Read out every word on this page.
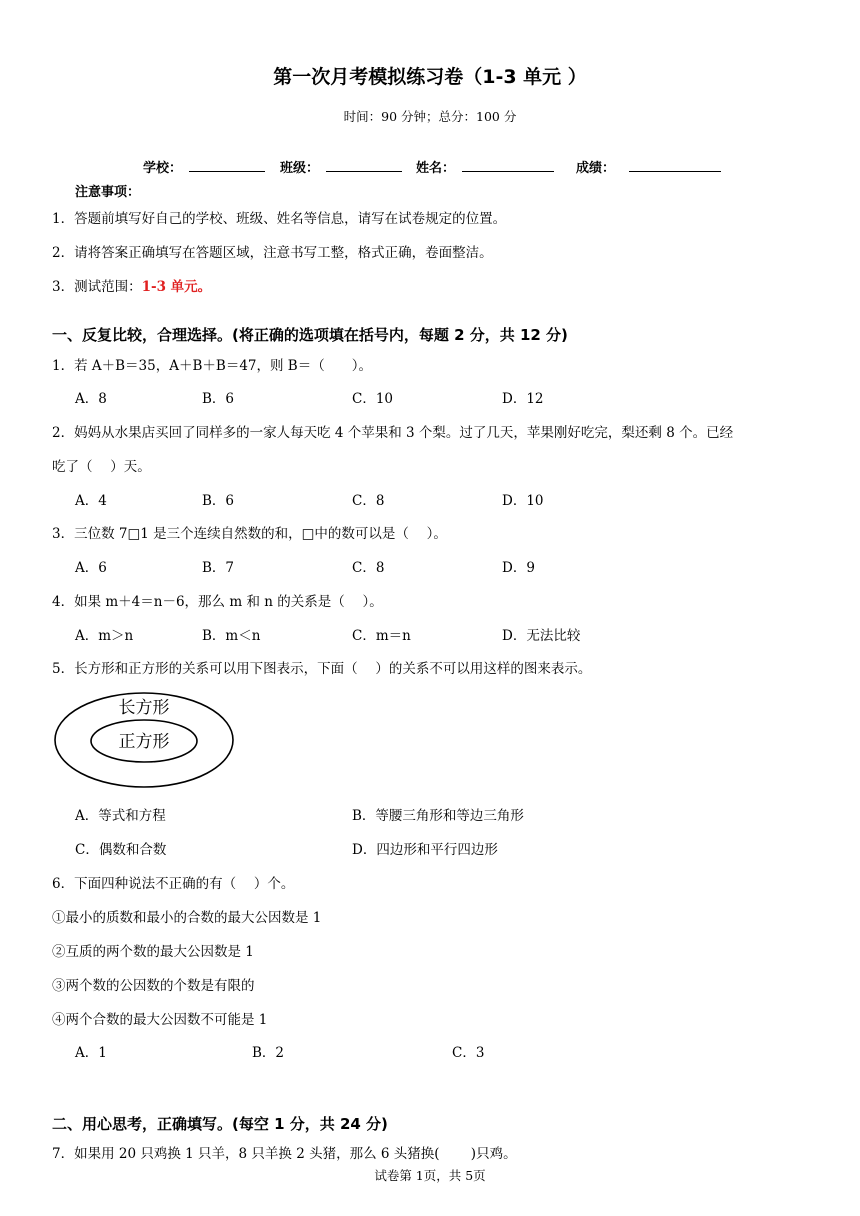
第一次月考模拟练习卷（1-3 单元 ）
时间：90 分钟；总分：100 分
学校：	班级：	姓名：	成绩：
注意事项：
1．答题前填写好自己的学校、班级、姓名等信息，请写在试卷规定的位置。
2．请将答案正确填写在答题区域，注意书写工整，格式正确，卷面整洁。
3．测试范围：1-3 单元。
一、反复比较，合理选择。(将正确的选项填在括号内，每题 2 分，共 12 分)
1．若 A＋B＝35，A＋B＋B＝47，则 B＝（　　）。
A．8	B．6	C．10	D．12
2．妈妈从水果店买回了同样多的一家人每天吃 4 个苹果和 3 个梨。过了几天，苹果刚好吃完，梨还剩 8 个。已经
吃了（　 ）天。
A．4	B．6	C．8	D．10
3．三位数 7□1 是三个连续自然数的和，□中的数可以是（　 ）。
A．6	B．7	C．8	D．9
4．如果 m＋4＝n－6，那么 m 和 n 的关系是（　 ）。
A．m＞n	B．m＜n	C．m＝n	D．无法比较
5．长方形和正方形的关系可以用下图表示，下面（　 ）的关系不可以用这样的图来表示。
长方形
正方形
A．等式和方程	B．等腰三角形和等边三角形
C．偶数和合数	D．四边形和平行四边形
6．下面四种说法不正确的有（　 ）个。
①最小的质数和最小的合数的最大公因数是 1
②互质的两个数的最大公因数是 1
③两个数的公因数的个数是有限的
④两个合数的最大公因数不可能是 1
A．1	B．2	C．3
二、用心思考，正确填写。(每空 1 分，共 24 分)
7．如果用 20 只鸡换 1 只羊，8 只羊换 2 头猪，那么 6 头猪换(　　 )只鸡。
试卷第 1页，共 5页
